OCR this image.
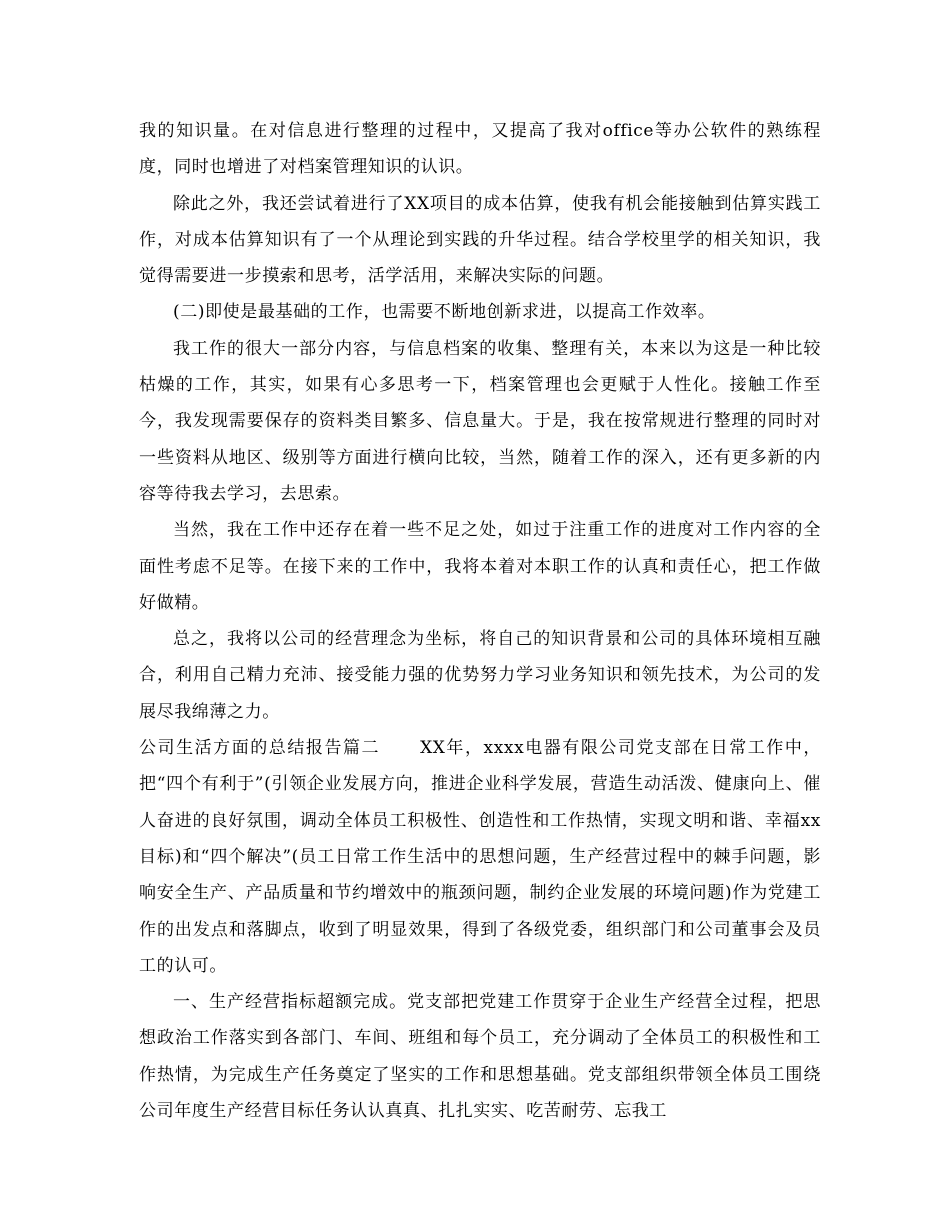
我的知识量。在对信息进行整理的过程中，又提高了我对office等办公软件的熟练程度，同时也增进了对档案管理知识的认识。

除此之外，我还尝试着进行了XX项目的成本估算，使我有机会能接触到估算实践工作，对成本估算知识有了一个从理论到实践的升华过程。结合学校里学的相关知识，我觉得需要进一步摸索和思考，活学活用，来解决实际的问题。

(二)即使是最基础的工作，也需要不断地创新求进，以提高工作效率。

我工作的很大一部分内容，与信息档案的收集、整理有关，本来以为这是一种比较枯燥的工作，其实，如果有心多思考一下，档案管理也会更赋于人性化。接触工作至今，我发现需要保存的资料类目繁多、信息量大。于是，我在按常规进行整理的同时对一些资料从地区、级别等方面进行横向比较，当然，随着工作的深入，还有更多新的内容等待我去学习，去思索。

当然，我在工作中还存在着一些不足之处，如过于注重工作的进度对工作内容的全面性考虑不足等。在接下来的工作中，我将本着对本职工作的认真和责任心，把工作做好做精。

总之，我将以公司的经营理念为坐标，将自己的知识背景和公司的具体环境相互融合，利用自己精力充沛、接受能力强的优势努力学习业务知识和领先技术，为公司的发展尽我绵薄之力。

公司生活方面的总结报告篇二 XX年，xxxx电器有限公司党支部在日常工作中，把“四个有利于”(引领企业发展方向，推进企业科学发展，营造生动活泼、健康向上、催人奋进的良好氛围，调动全体员工积极性、创造性和工作热情，实现文明和谐、幸福xx目标)和“四个解决”(员工日常工作生活中的思想问题，生产经营过程中的棘手问题，影响安全生产、产品质量和节约增效中的瓶颈问题，制约企业发展的环境问题)作为党建工作的出发点和落脚点，收到了明显效果，得到了各级党委，组织部门和公司董事会及员工的认可。

一、生产经营指标超额完成。党支部把党建工作贯穿于企业生产经营全过程，把思想政治工作落实到各部门、车间、班组和每个员工，充分调动了全体员工的积极性和工作热情，为完成生产任务奠定了坚实的工作和思想基础。党支部组织带领全体员工围绕公司年度生产经营目标任务认认真真、扎扎实实、吃苦耐劳、忘我工
